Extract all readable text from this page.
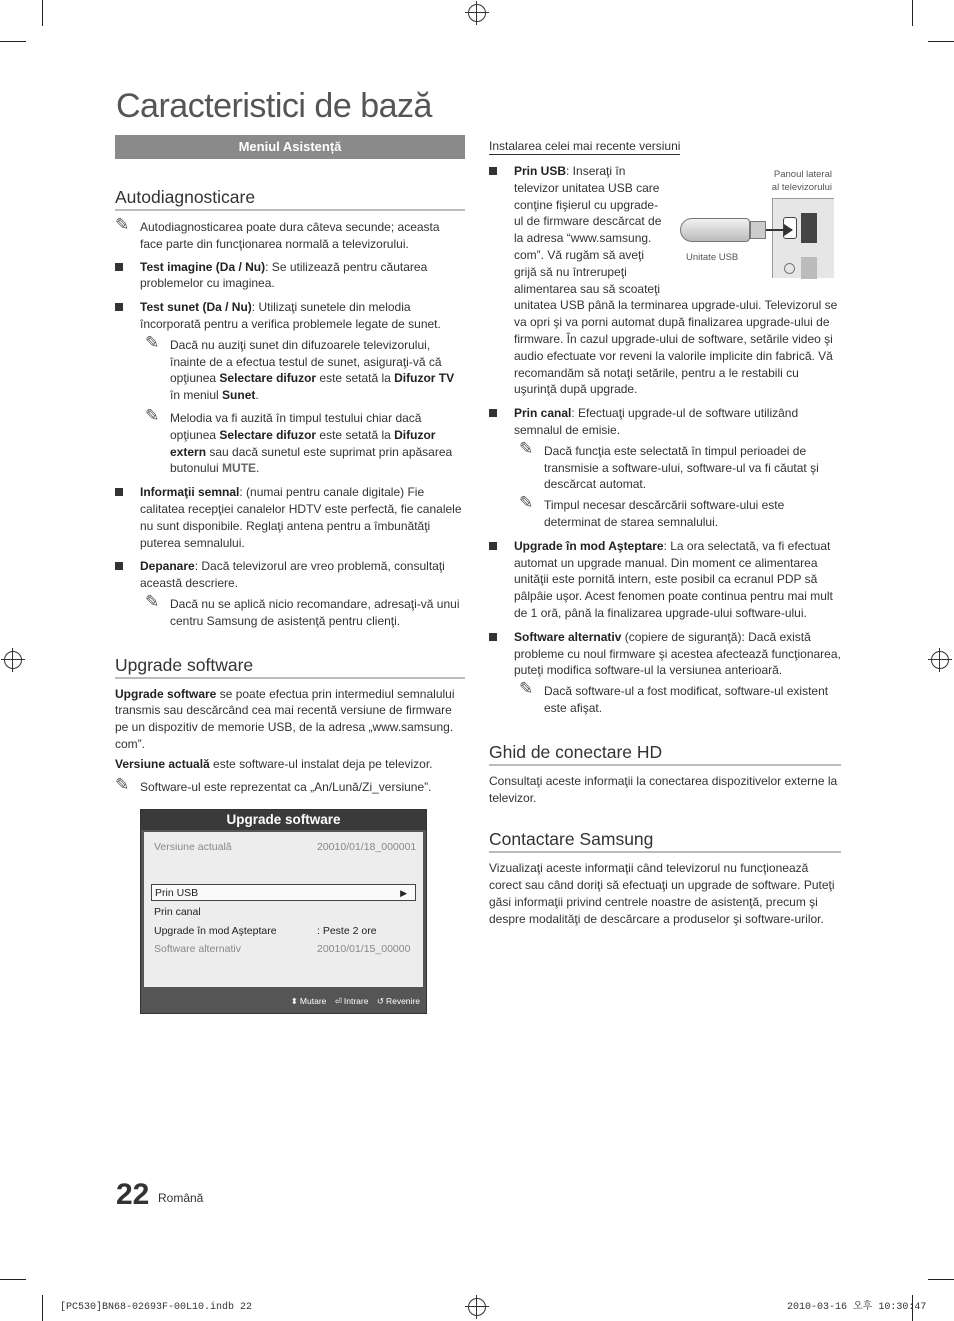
Caracteristici de bază
Meniul Asistență
Autodiagnosticare
✎ Autodiagnosticarea poate dura câteva secunde; aceasta face parte din funcţionarea normală a televizorului.
Test imagine (Da / Nu): Se utilizează pentru căutarea problemelor cu imaginea.
Test sunet (Da / Nu): Utilizaţi sunetele din melodia încorporată pentru a verifica problemele legate de sunet.
✎ Dacă nu auziţi sunet din difuzoarele televizorului, înainte de a efectua testul de sunet, asiguraţi-vă că opţiunea Selectare difuzor este setată la Difuzor TV în meniul Sunet.
✎ Melodia va fi auzită în timpul testului chiar dacă opţiunea Selectare difuzor este setată la Difuzor extern sau dacă sunetul este suprimat prin apăsarea butonului MUTE.
Informaţii semnal: (numai pentru canale digitale) Fie calitatea recepţiei canalelor HDTV este perfectă, fie canalele nu sunt disponibile. Reglaţi antena pentru a îmbunătăţi puterea semnalului.
Depanare: Dacă televizorul are vreo problemă, consultaţi această descriere.
✎ Dacă nu se aplică nicio recomandare, adresaţi-vă unui centru Samsung de asistenţă pentru clienţi.
Upgrade software
Upgrade software se poate efectua prin intermediul semnalului transmis sau descărcând cea mai recentă versiune de firmware pe un dispozitiv de memorie USB, de la adresa „www.samsung. com”.
Versiune actuală este software-ul instalat deja pe televizor.
✎ Software-ul este reprezentat ca „An/Lună/Zi_versiune”.
Upgrade software
Versiune actuală	20010/01/18_000001
Prin USB	▶
Prin canal
Upgrade în mod Aşteptare	: Peste 2 ore
Software alternativ	20010/01/15_00000
⬍ Mutare ⏎ Intrare ↺ Revenire
Instalarea celei mai recente versiuni
Prin USB: Inseraţi în televizor unitatea USB care conţine fişierul cu upgrade-ul de firmware descărcat de la adresa “www.samsung. com”. Vă rugăm să aveţi grijă să nu întrerupeţi alimentarea sau să scoateţi
unitatea USB până la terminarea upgrade-ului. Televizorul se va opri şi va porni automat după finalizarea upgrade-ului de firmware. În cazul upgrade-ului de software, setările video şi audio efectuate vor reveni la valorile implicite din fabrică. Vă recomandăm să notaţi setările, pentru a le restabili cu uşurinţă după upgrade.
Prin canal: Efectuaţi upgrade-ul de software utilizând semnalul de emisie.
✎ Dacă funcţia este selectată în timpul perioadei de transmisie a software-ului, software-ul va fi căutat şi descărcat automat.
✎ Timpul necesar descărcării software-ului este determinat de starea semnalului.
Upgrade în mod Aşteptare: La ora selectată, va fi efectuat automat un upgrade manual. Din moment ce alimentarea unităţii este pornită intern, este posibil ca ecranul PDP să pâlpâie uşor. Acest fenomen poate continua pentru mai mult de 1 oră, până la finalizarea upgrade-ului software-ului.
Software alternativ (copiere de siguranţă): Dacă există probleme cu noul firmware şi acestea afectează funcţionarea, puteţi modifica software-ul la versiunea anterioară.
✎ Dacă software-ul a fost modificat, software-ul existent este afişat.
Ghid de conectare HD
Consultaţi aceste informaţii la conectarea dispozitivelor externe la televizor.
Contactare Samsung
Vizualizaţi aceste informaţii când televizorul nu funcţionează corect sau când doriţi să efectuaţi un upgrade de software. Puteţi găsi informaţii privind centrele noastre de asistenţă, precum şi despre modalităţi de descărcare a produselor şi software-urilor.
Panoul lateral al televizorului
Unitate USB
22 Română
[PC530]BN68-02693F-00L10.indb 22	2010-03-16 오후 10:30:47
